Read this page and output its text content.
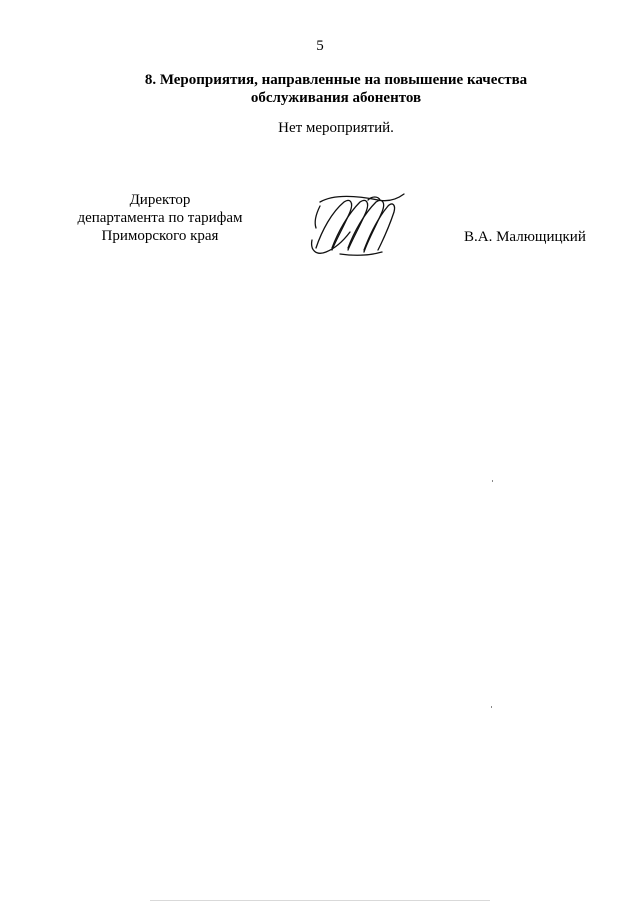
5
8. Мероприятия, направленные на повышение качества
обслуживания абонентов
Нет мероприятий.
Директор
департамента по тарифам
Приморского края	В.А. Малющицкий
